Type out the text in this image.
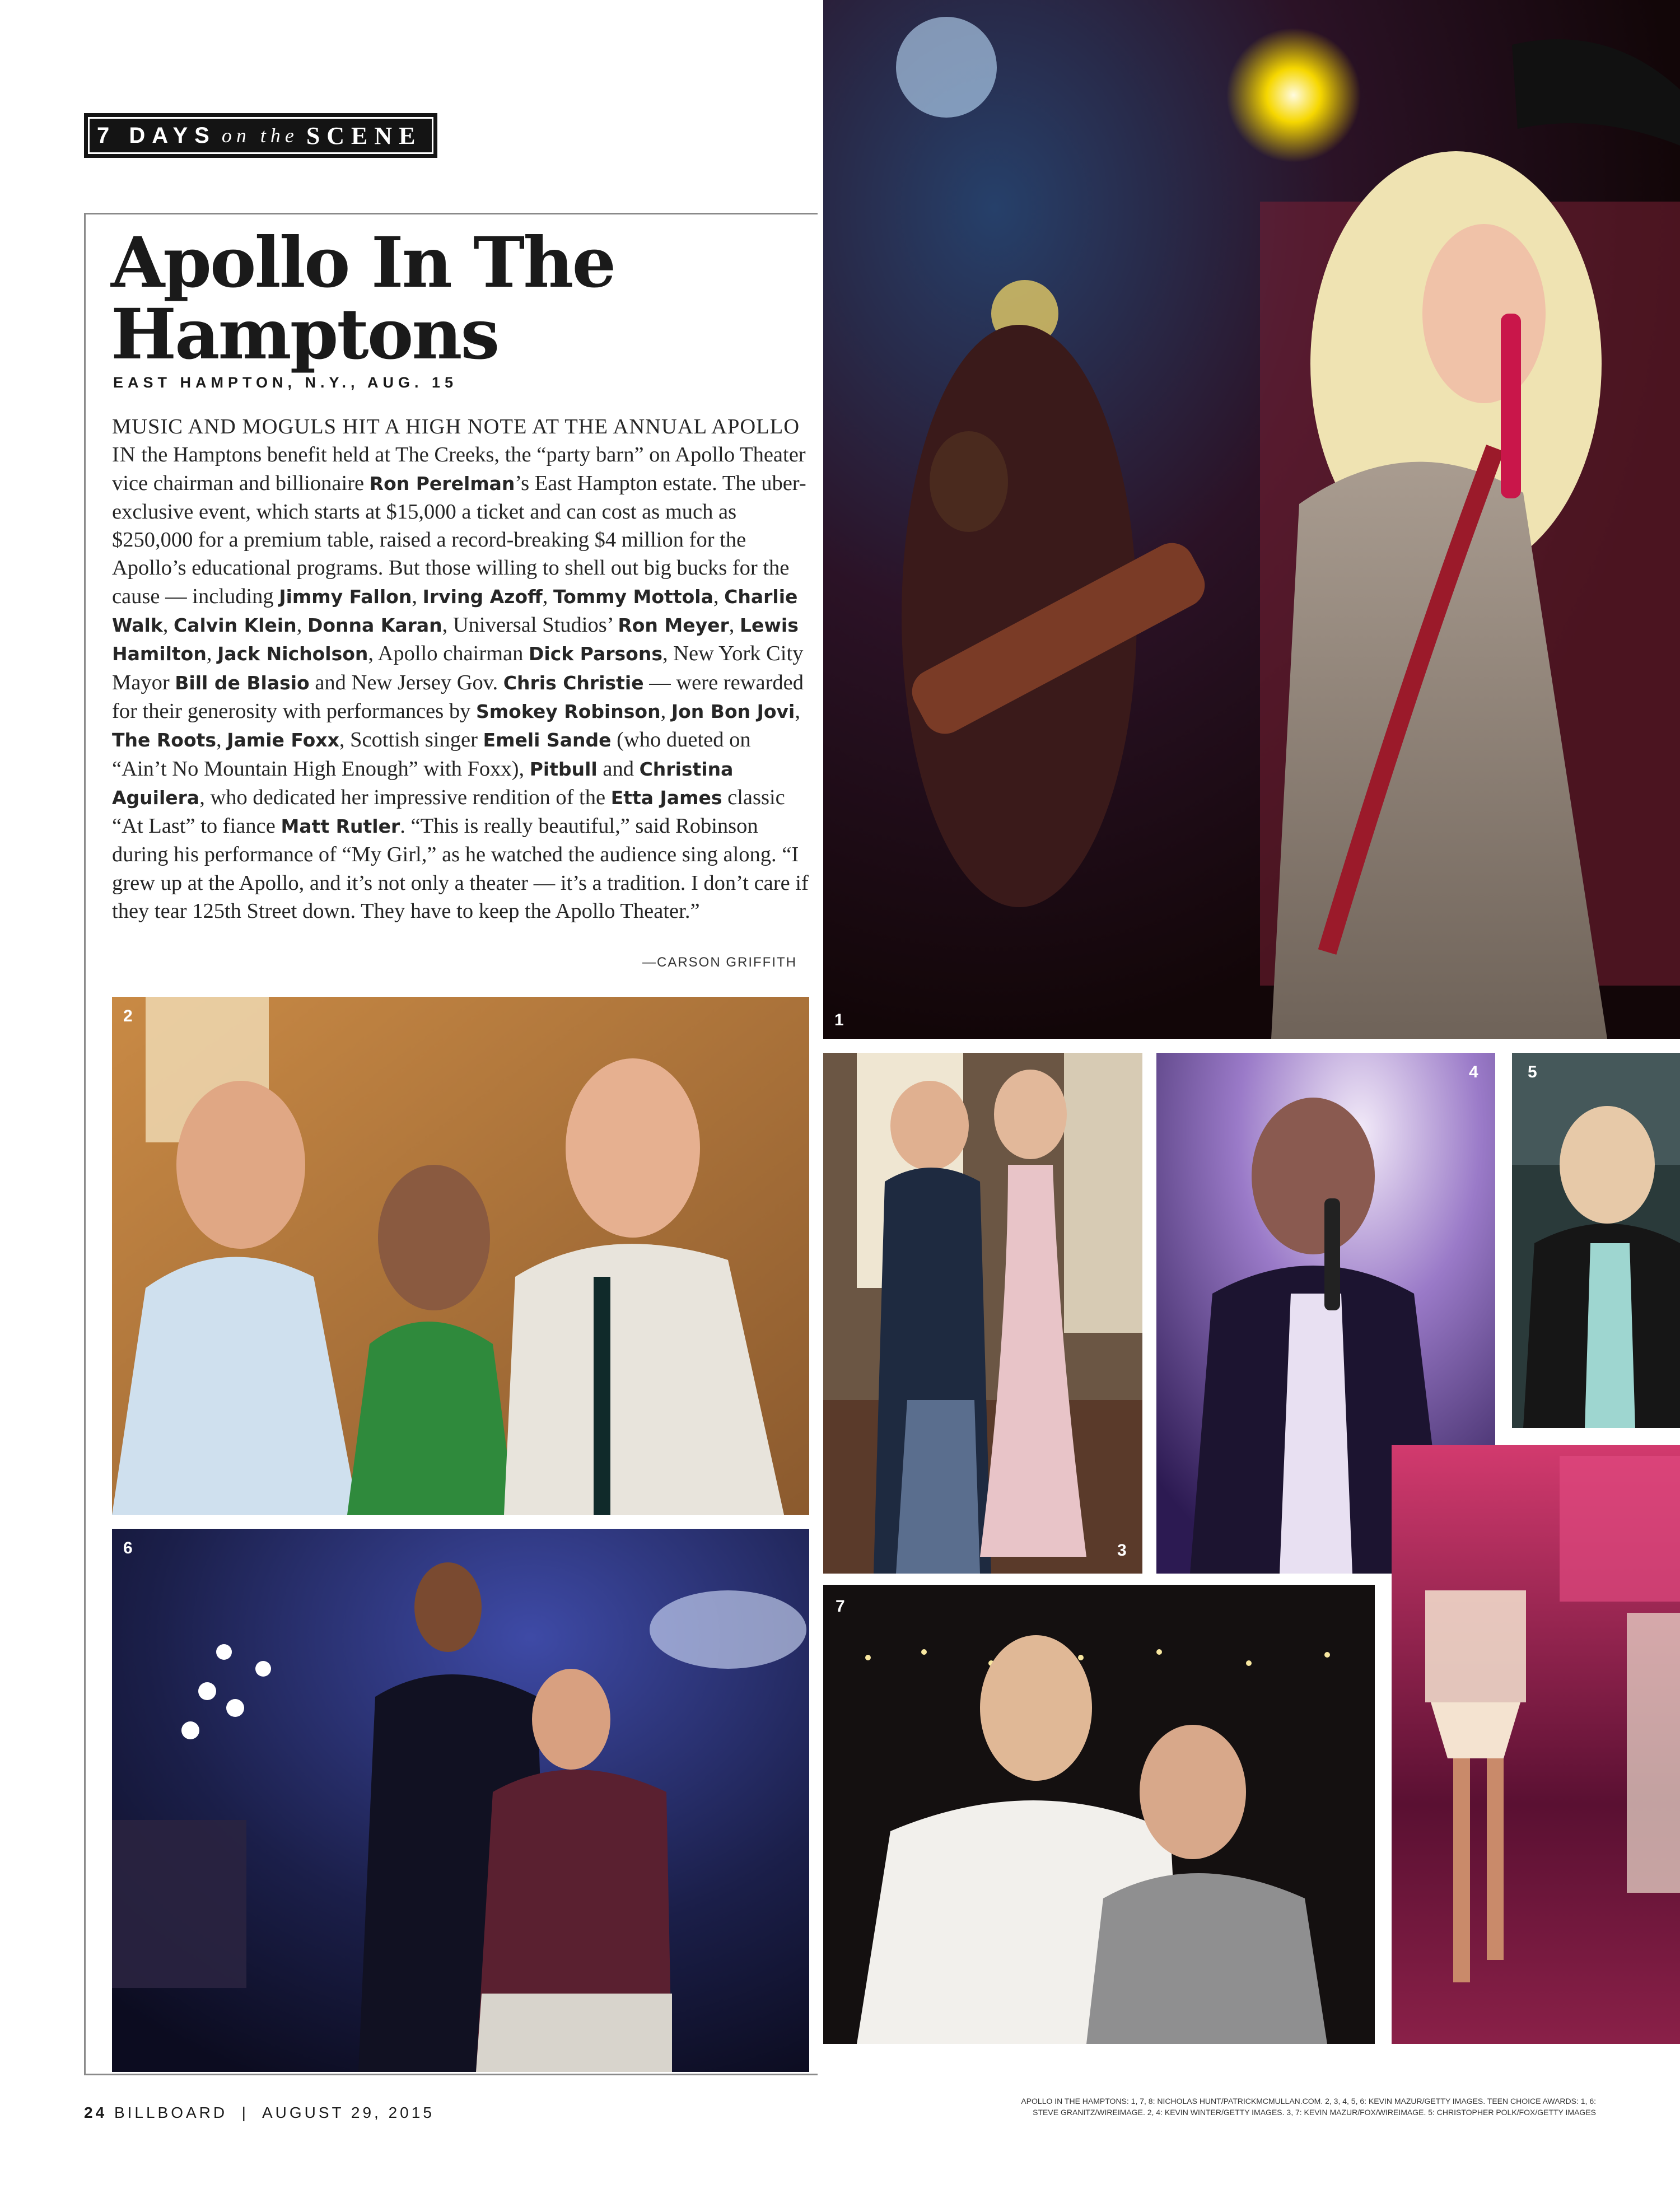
7 DAYS on the SCENE
Apollo In The Hamptons
EAST HAMPTON, N.Y., AUG. 15
MUSIC AND MOGULS HIT A HIGH NOTE AT THE ANNUAL APOLLO IN the Hamptons benefit held at The Creeks, the “party barn” on Apollo Theater vice chairman and billionaire Ron Perelman’s East Hampton estate. The uber-exclusive event, which starts at $15,000 a ticket and can cost as much as $250,000 for a premium table, raised a record-breaking $4 million for the Apollo’s educational programs. But those willing to shell out big bucks for the cause — including Jimmy Fallon, Irving Azoff, Tommy Mottola, Charlie Walk, Calvin Klein, Donna Karan, Universal Studios’ Ron Meyer, Lewis Hamilton, Jack Nicholson, Apollo chairman Dick Parsons, New York City Mayor Bill de Blasio and New Jersey Gov. Chris Christie — were rewarded for their generosity with performances by Smokey Robinson, Jon Bon Jovi, The Roots, Jamie Foxx, Scottish singer Emeli Sande (who dueted on “Ain’t No Mountain High Enough” with Foxx), Pitbull and Christina Aguilera, who dedicated her impressive rendition of the Etta James classic “At Last” to fiance Matt Rutler. “This is really beautiful,” said Robinson during his performance of “My Girl,” as he watched the audience sing along. “I grew up at the Apollo, and it’s not only a theater — it’s a tradition. I don’t care if they tear 125th Street down. They have to keep the Apollo Theater.”
—CARSON GRIFFITH
1
2
6	3
4	5
7
24 BILLBOARD  |  AUGUST 29, 2015
APOLLO IN THE HAMPTONS: 1, 7, 8: NICHOLAS HUNT/PATRICKMCMULLAN.COM. 2, 3, 4, 5, 6: KEVIN MAZUR/GETTY IMAGES. TEEN CHOICE AWARDS: 1, 6:
STEVE GRANITZ/WIREIMAGE. 2, 4: KEVIN WINTER/GETTY IMAGES. 3, 7: KEVIN MAZUR/FOX/WIREIMAGE. 5: CHRISTOPHER POLK/FOX/GETTY IMAGES
